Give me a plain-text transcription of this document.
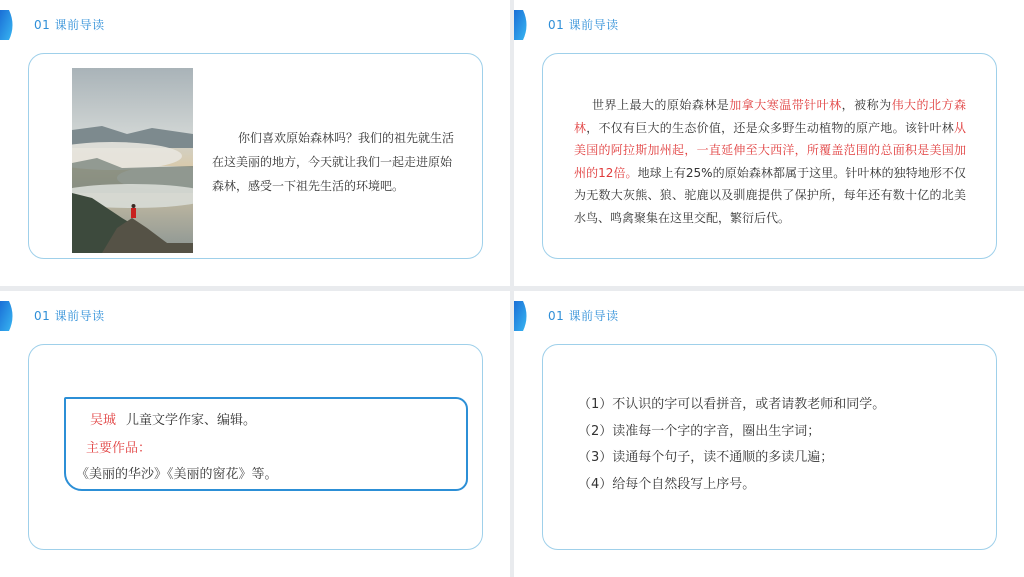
01 课前导读

你们喜欢原始森林吗？我们的祖先就生活在这美丽的地方，今天就让我们一起走进原始森林，感受一下祖先生活的环境吧。

01 课前导读

世界上最大的原始森林是加拿大寒温带针叶林，被称为伟大的北方森林，不仅有巨大的生态价值，还是众多野生动植物的原产地。该针叶林从美国的阿拉斯加州起，一直延伸至大西洋，所覆盖范围的总面积是美国加州的12倍。地球上有25%的原始森林都属于这里。针叶林的独特地形不仅为无数大灰熊、狼、驼鹿以及驯鹿提供了保护所，每年还有数十亿的北美水鸟、鸣禽聚集在这里交配，繁衍后代。

01 课前导读
吴珹 儿童文学作家、编辑。
主要作品：
《美丽的华沙》《美丽的窗花》等。
01 课前导读
（1）不认识的字可以看拼音，或者请教老师和同学。
（2）读准每一个字的字音，圈出生字词；
（3）读通每个句子，读不通顺的多读几遍；
（4）给每个自然段写上序号。
